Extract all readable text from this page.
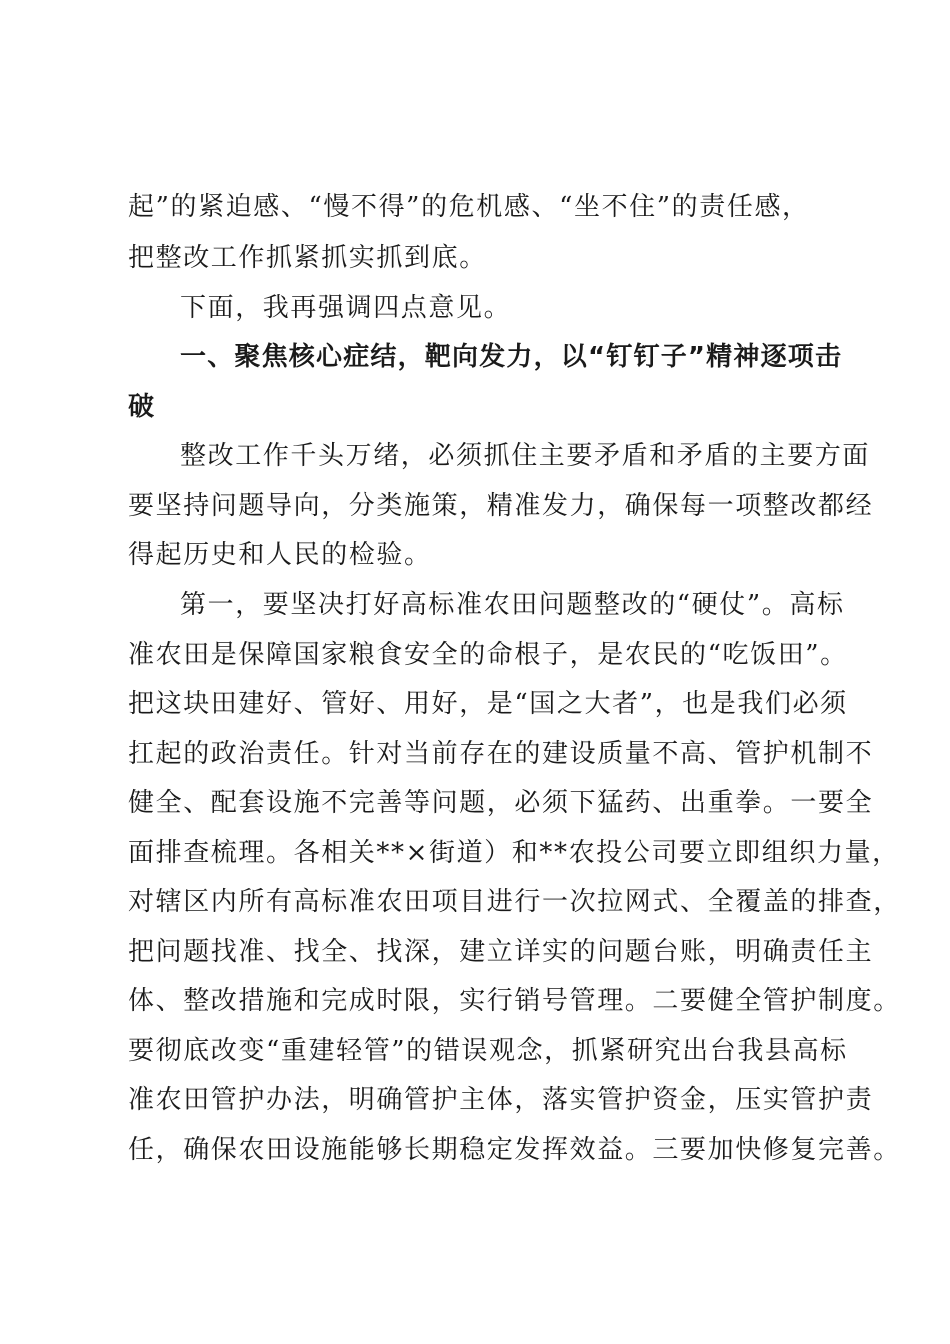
起”的紧迫感、“慢不得”的危机感、“坐不住”的责任感，
把整改工作抓紧抓实抓到底。
下面，我再强调四点意见。
一、聚焦核心症结，靶向发力，以“钉钉子”精神逐项击
破
整改工作千头万绪，必须抓住主要矛盾和矛盾的主要方面
要坚持问题导向，分类施策，精准发力，确保每一项整改都经
得起历史和人民的检验。
第一，要坚决打好高标准农田问题整改的“硬仗”。高标
准农田是保障国家粮食安全的命根子，是农民的“吃饭田”。
把这块田建好、管好、用好，是“国之大者”，也是我们必须
扛起的政治责任。针对当前存在的建设质量不高、管护机制不
健全、配套设施不完善等问题，必须下猛药、出重拳。一要全
面排查梳理。各相关**×街道）和**农投公司要立即组织力量，
对辖区内所有高标准农田项目进行一次拉网式、全覆盖的排查，
把问题找准、找全、找深，建立详实的问题台账，明确责任主
体、整改措施和完成时限，实行销号管理。二要健全管护制度。
要彻底改变“重建轻管”的错误观念，抓紧研究出台我县高标
准农田管护办法，明确管护主体，落实管护资金，压实管护责
任，确保农田设施能够长期稳定发挥效益。三要加快修复完善。
